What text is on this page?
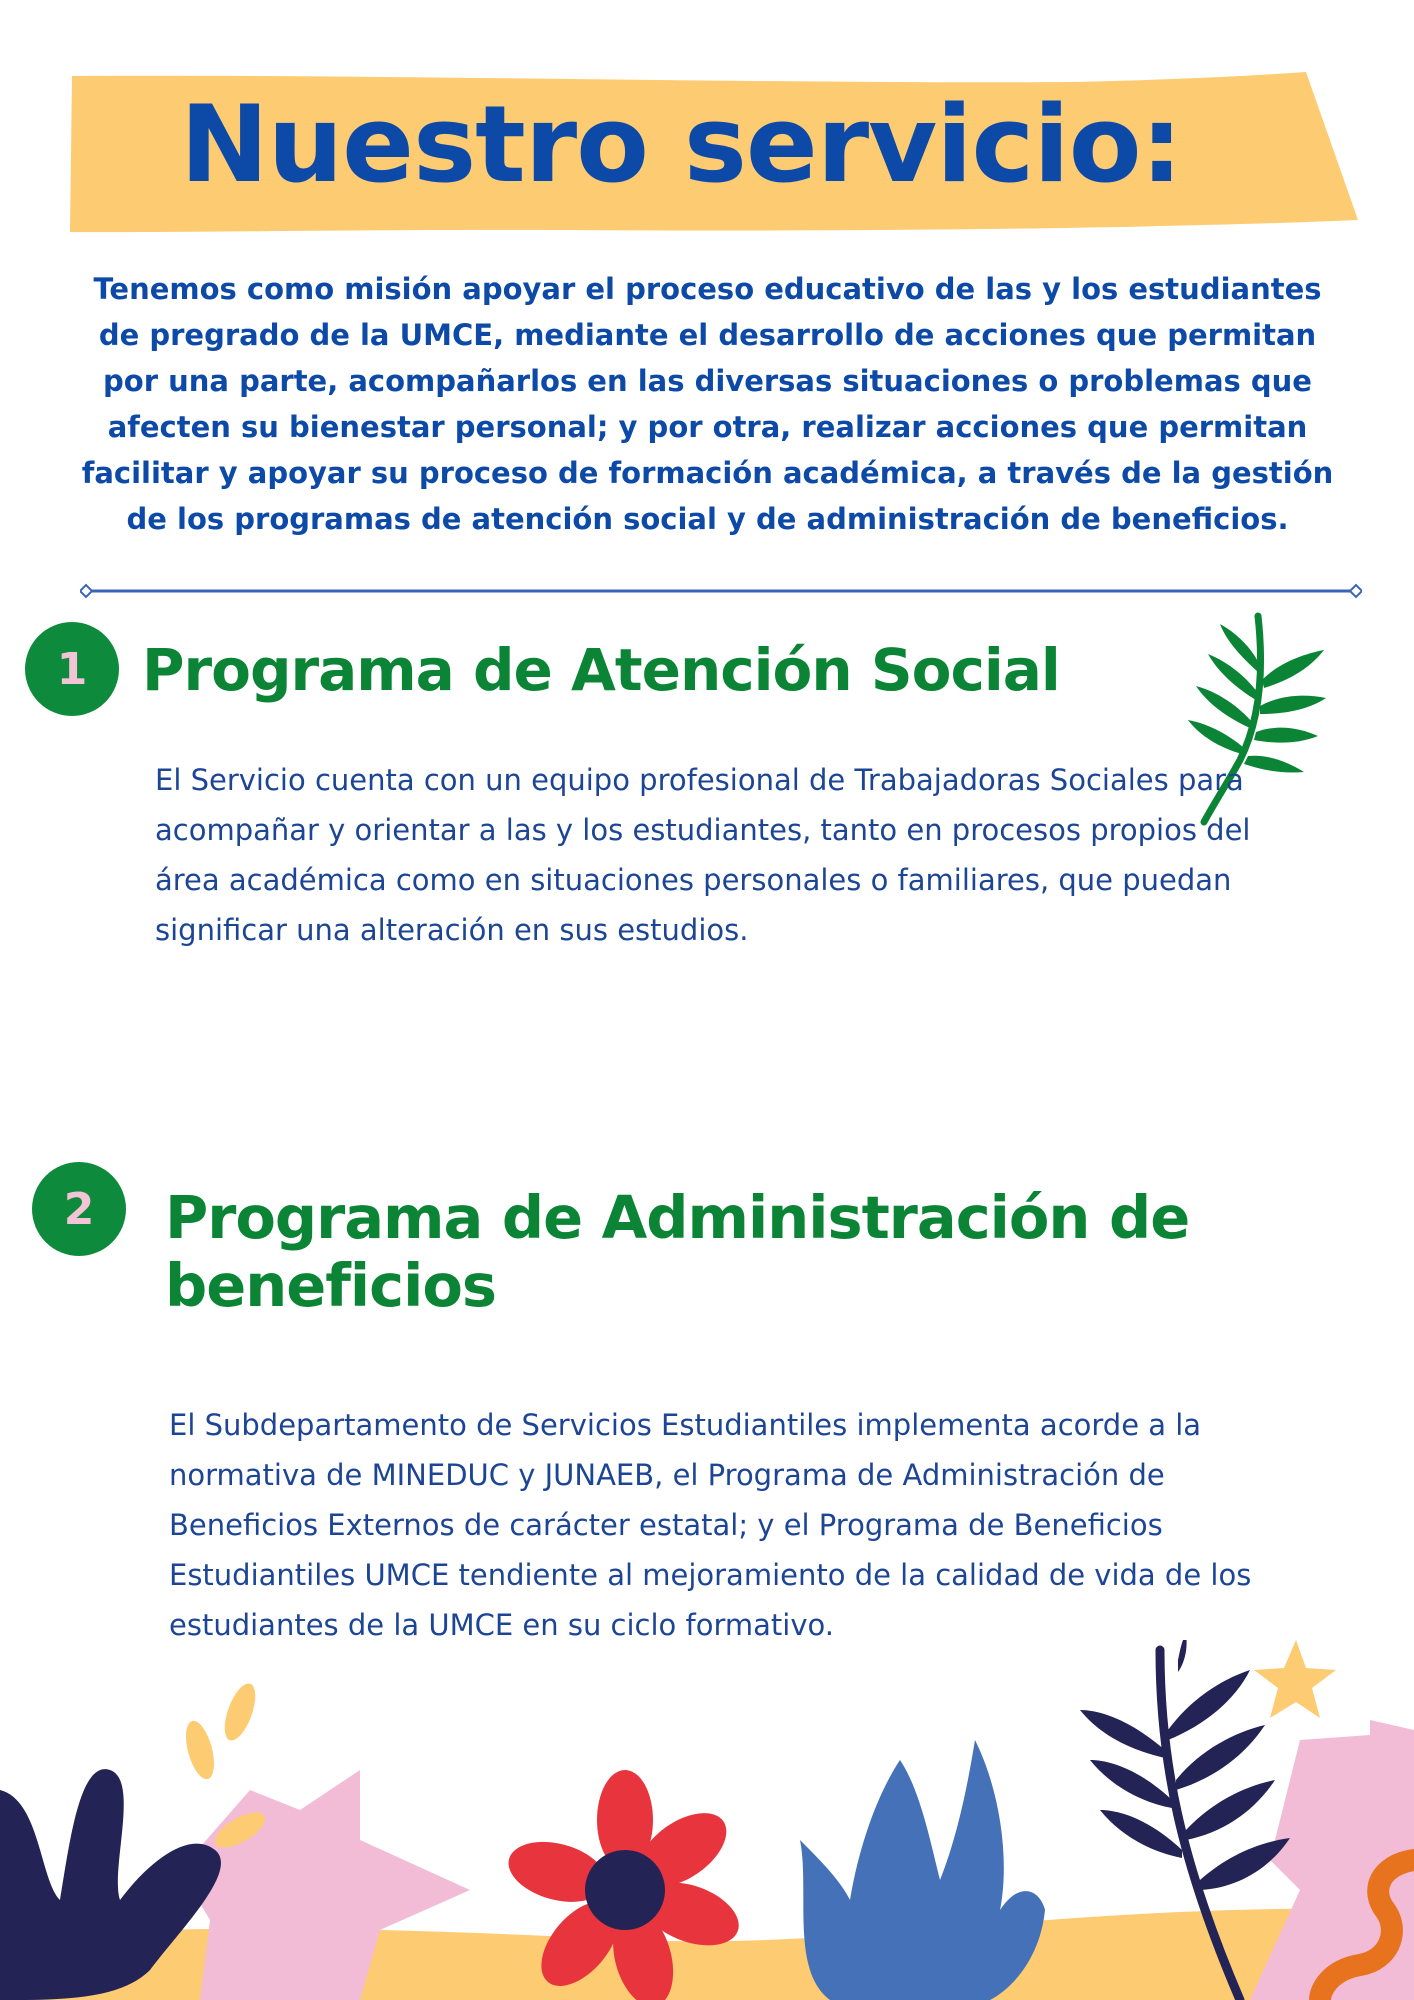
Nuestro servicio:

Tenemos como misión apoyar el proceso educativo de las y los estudiantes de pregrado de la UMCE, mediante el desarrollo de acciones que permitan por una parte, acompañarlos en las diversas situaciones o problemas que afecten su bienestar personal; y por otra, realizar acciones que permitan facilitar y apoyar su proceso de formación académica, a través de la gestión de los programas de atención social y de administración de beneficios.

1 Programa de Atención Social

El Servicio cuenta con un equipo profesional de Trabajadoras Sociales para acompañar y orientar a las y los estudiantes, tanto en procesos propios del área académica como en situaciones personales o familiares, que puedan significar una alteración en sus estudios.

2	Programa de Administración de beneficios

El Subdepartamento de Servicios Estudiantiles implementa acorde a la normativa de MINEDUC y JUNAEB, el Programa de Administración de Beneficios Externos de carácter estatal; y el Programa de Beneficios Estudiantiles UMCE tendiente al mejoramiento de la calidad de vida de los estudiantes de la UMCE en su ciclo formativo.
